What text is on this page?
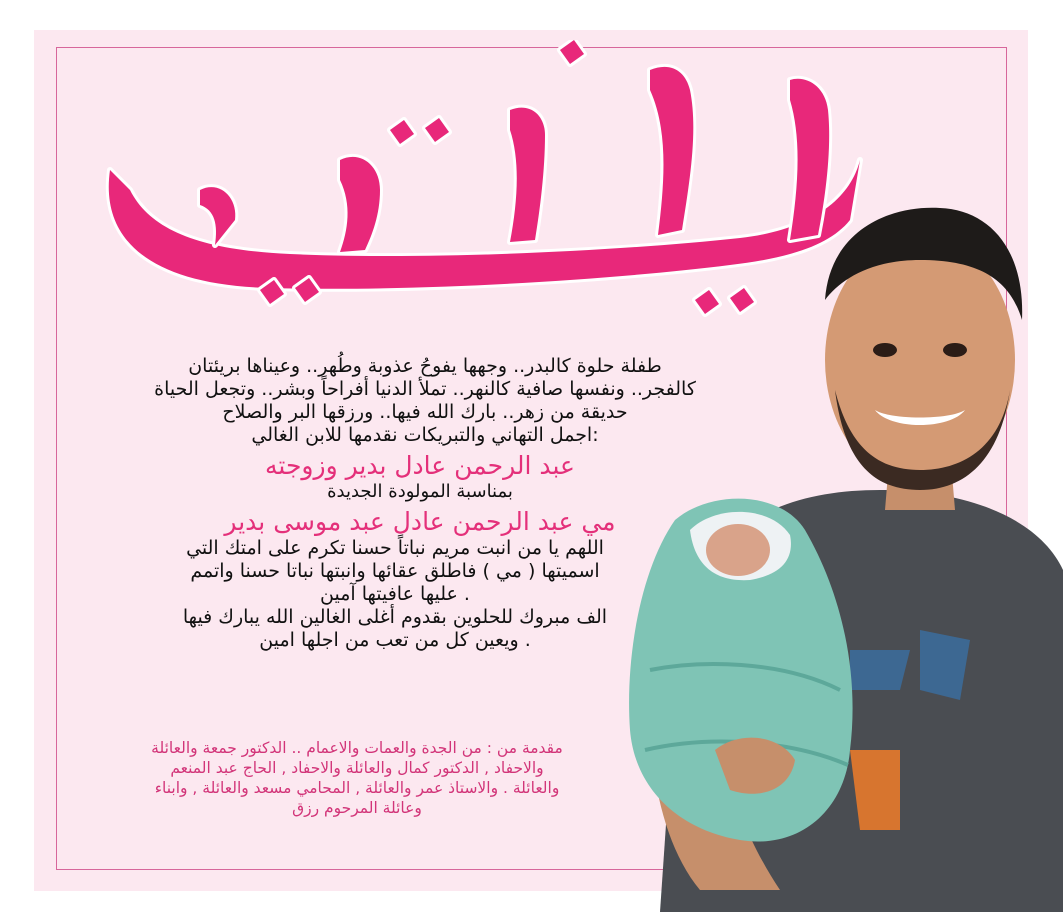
طفلة حلوة كالبدر.. وجهها يفوحُ عذوبة وطُهر.. وعيناها بريئتان
كالفجر.. ونفسها صافية كالنهر.. تملأ الدنيا أفراحاً وبشر.. وتجعل الحياة
حديقة من زهر.. بارك الله فيها.. ورزقها البر والصلاح
:اجمل التهاني والتبريكات نقدمها للابن الغالي
عبد الرحمن عادل بدير وزوجته
بمناسبة المولودة الجديدة
مي عبد الرحمن عادل عبد موسى بدير
اللهم يا من انبت مريم نباتاً حسنا تكرم على امتك التي
اسميتها ( مي ) فاطلق عقائها وانبتها نباتا حسنا واتمم
. عليها عافيتها آمين
الف مبروك للحلوين بقدوم أغلى الغالين الله يبارك فيها
. ويعين كل من تعب من اجلها امين
مقدمة من : من الجدة والعمات والاعمام .. الدكتور جمعة والعائلة
والاحفاد , الدكتور كمال والعائلة والاحفاد , الحاج عبد المنعم
والعائلة . والاستاذ عمر والعائلة , المحامي مسعد والعائلة , وابناء
وعائلة المرحوم رزق
